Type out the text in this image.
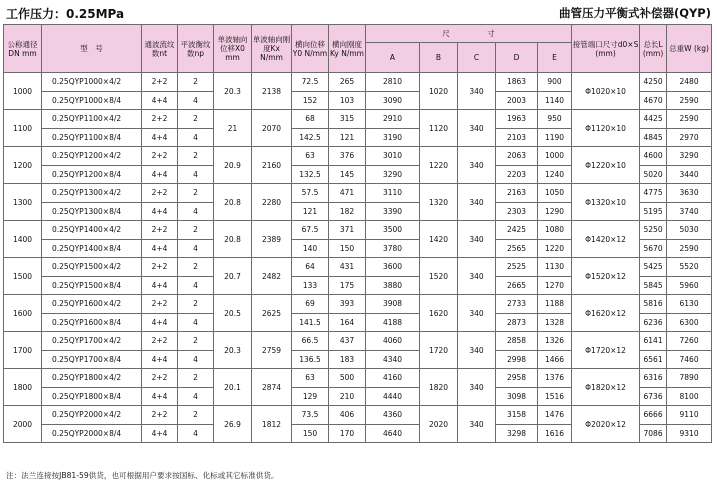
工作压力：0.25MPa	曲管压力平衡式补偿器(QYP)
公称通径DN mm	型　号	通波流纹数nt	平波衡纹数np	单波轴向位移X0 mm	单波轴向刚度Kx N/mm	横向位移Y0 N/mm	横向刚度Ky N/mm	尺　　　　　寸					接管端口尺寸d0×S (mm)	总长L (mm)	总重W (kg)
								A	B	C	D	E			
1000	0.25QYP1000×4/2	2+2	2	20.3	2138	72.5	265	2810	1020	340	1863	900	Φ1020×10	4250	2480
	0.25QYP1000×8/4	4+4	4			152	103	3090			2003	1140		4670	2590
1100	0.25QYP1100×4/2	2+2	2	21	2070	68	315	2910	1120	340	1963	950	Φ1120×10	4425	2590
	0.25QYP1100×8/4	4+4	4			142.5	121	3190			2103	1190		4845	2970
1200	0.25QYP1200×4/2	2+2	2	20.9	2160	63	376	3010	1220	340	2063	1000	Φ1220×10	4600	3290
	0.25QYP1200×8/4	4+4	4			132.5	145	3290			2203	1240		5020	3440
1300	0.25QYP1300×4/2	2+2	2	20.8	2280	57.5	471	3110	1320	340	2163	1050	Φ1320×10	4775	3630
	0.25QYP1300×8/4	4+4	4			121	182	3390			2303	1290		5195	3740
1400	0.25QYP1400×4/2	2+2	2	20.8	2389	67.5	371	3500	1420	340	2425	1080	Φ1420×12	5250	5030
	0.25QYP1400×8/4	4+4	4			140	150	3780			2565	1220		5670	2590
1500	0.25QYP1500×4/2	2+2	2	20.7	2482	64	431	3600	1520	340	2525	1130	Φ1520×12	5425	5520
	0.25QYP1500×8/4	4+4	4			133	175	3880			2665	1270		5845	5960
1600	0.25QYP1600×4/2	2+2	2	20.5	2625	69	393	3908	1620	340	2733	1188	Φ1620×12	5816	6130
	0.25QYP1600×8/4	4+4	4			141.5	164	4188			2873	1328		6236	6300
1700	0.25QYP1700×4/2	2+2	2	20.3	2759	66.5	437	4060	1720	340	2858	1326	Φ1720×12	6141	7260
	0.25QYP1700×8/4	4+4	4			136.5	183	4340			2998	1466		6561	7460
1800	0.25QYP1800×4/2	2+2	2	20.1	2874	63	500	4160	1820	340	2958	1376	Φ1820×12	6316	7890
	0.25QYP1800×8/4	4+4	4			129	210	4440			3098	1516		6736	8100
2000	0.25QYP2000×4/2	2+2	2	26.9	1812	73.5	406	4360	2020	340	3158	1476	Φ2020×12	6666	9110
	0.25QYP2000×8/4	4+4	4			150	170	4640			3298	1616		7086	9310
注：法兰连接按JB81-59供货，也可根据用户要求按国标、化标或其它标准供货。
